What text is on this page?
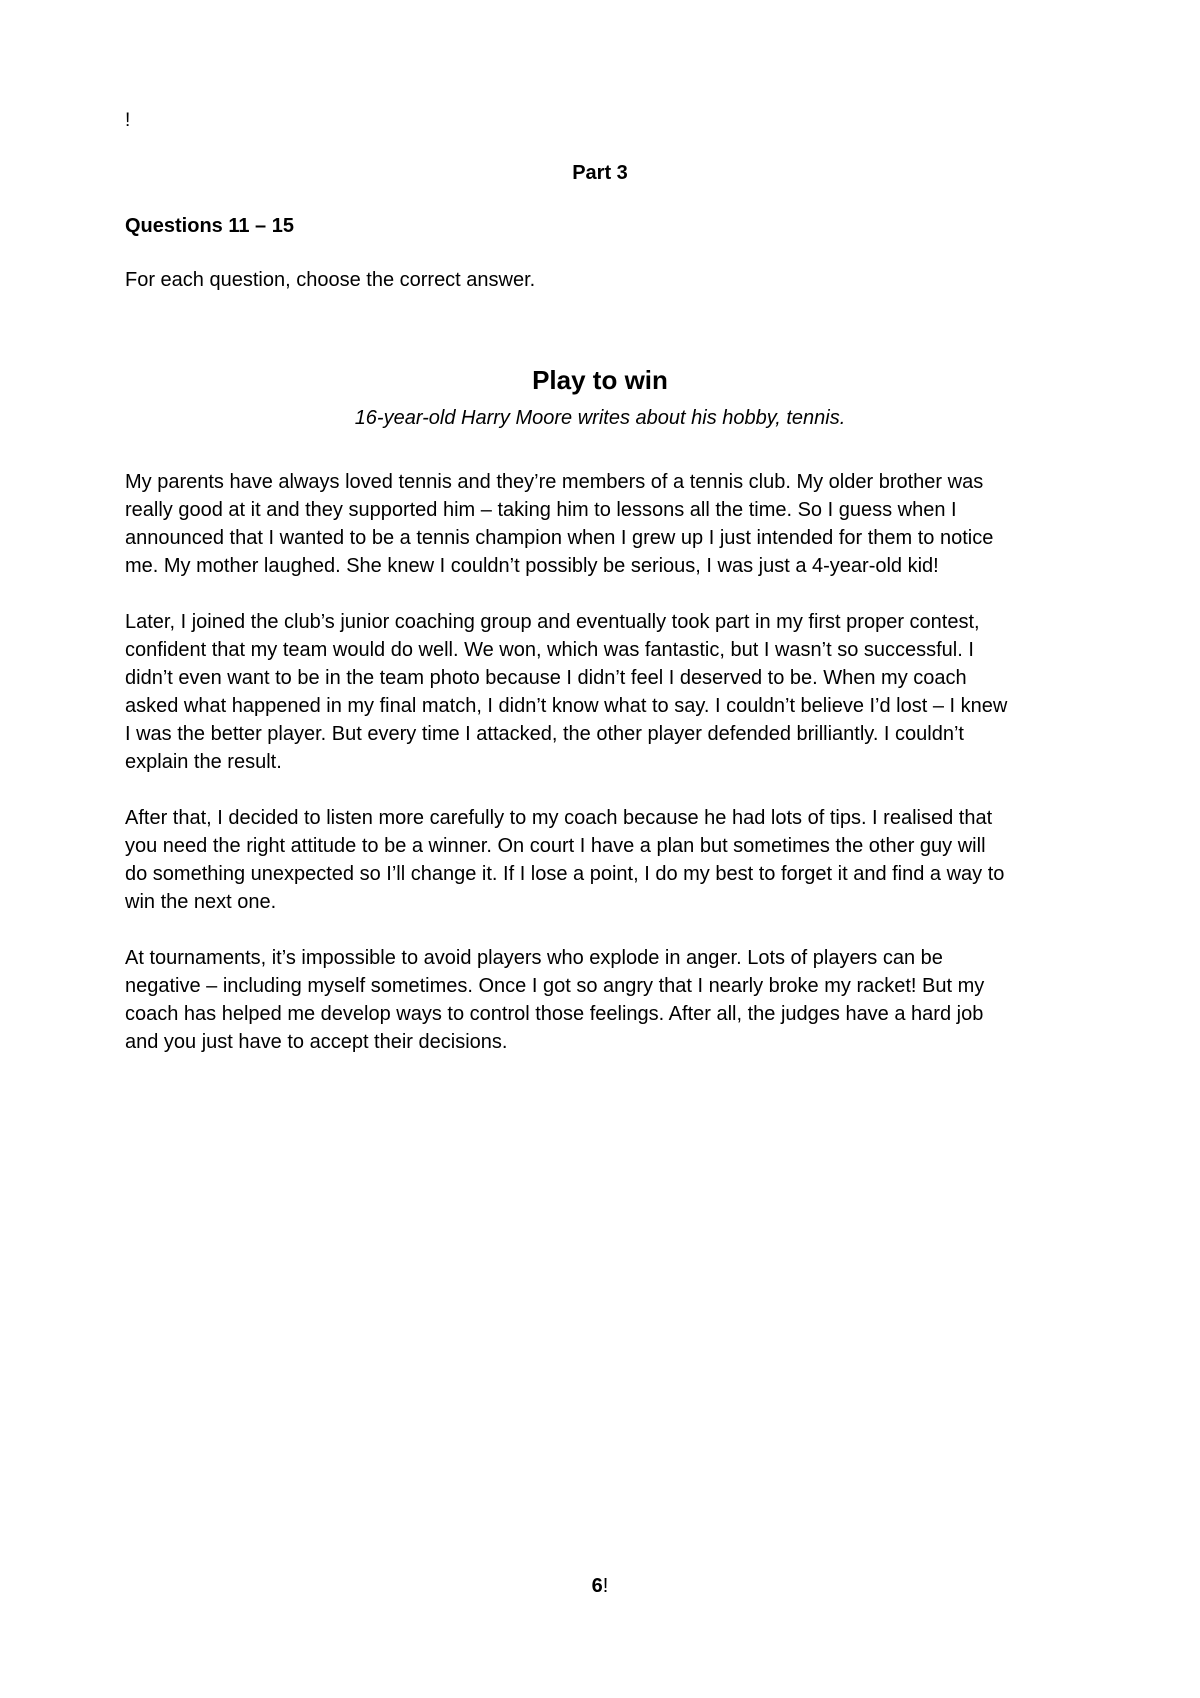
!
Part 3
Questions 11 – 15
For each question, choose the correct answer.
Play to win
16-year-old Harry Moore writes about his hobby, tennis.

My parents have always loved tennis and they’re members of a tennis club. My older brother was
really good at it and they supported him – taking him to lessons all the time. So I guess when I
announced that I wanted to be a tennis champion when I grew up I just intended for them to notice
me. My mother laughed. She knew I couldn’t possibly be serious, I was just a 4-year-old kid!

Later, I joined the club’s junior coaching group and eventually took part in my first proper contest,
confident that my team would do well. We won, which was fantastic, but I wasn’t so successful. I
didn’t even want to be in the team photo because I didn’t feel I deserved to be. When my coach
asked what happened in my final match, I didn’t know what to say. I couldn’t believe I’d lost – I knew
I was the better player. But every time I attacked, the other player defended brilliantly. I couldn’t
explain the result.

After that, I decided to listen more carefully to my coach because he had lots of tips. I realised that
you need the right attitude to be a winner. On court I have a plan but sometimes the other guy will
do something unexpected so I’ll change it. If I lose a point, I do my best to forget it and find a way to
win the next one.

At tournaments, it’s impossible to avoid players who explode in anger. Lots of players can be
negative – including myself sometimes. Once I got so angry that I nearly broke my racket! But my
coach has helped me develop ways to control those feelings. After all, the judges have a hard job
and you just have to accept their decisions.

6!
